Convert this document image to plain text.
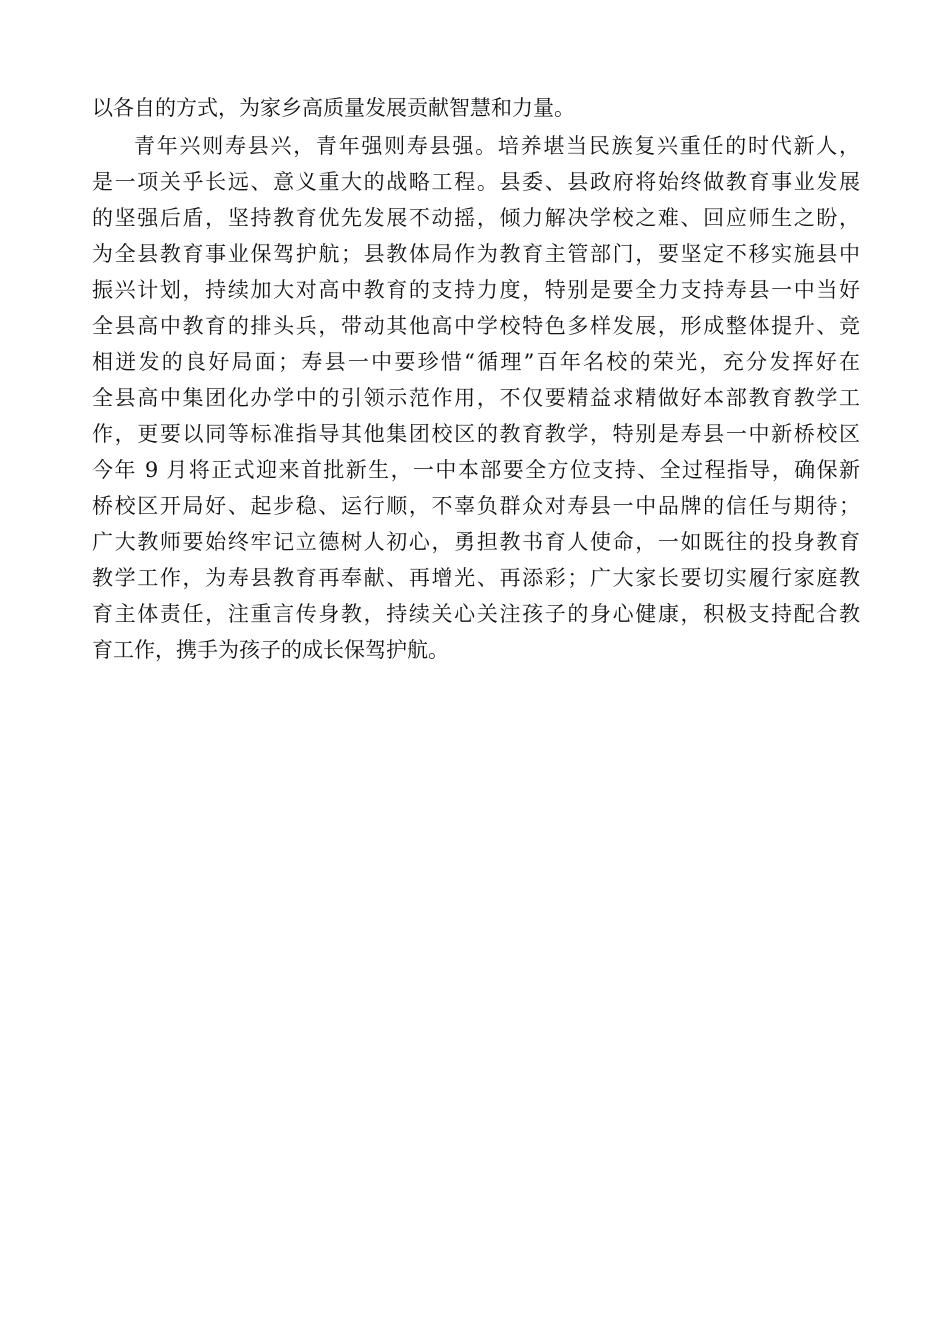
以各自的方式，为家乡高质量发展贡献智慧和力量。
青年兴则寿县兴，青年强则寿县强。培养堪当民族复兴重任的时代新人，
是一项关乎长远、意义重大的战略工程。县委、县政府将始终做教育事业发展
的坚强后盾，坚持教育优先发展不动摇，倾力解决学校之难、回应师生之盼，
为全县教育事业保驾护航；县教体局作为教育主管部门，要坚定不移实施县中
振兴计划，持续加大对高中教育的支持力度，特别是要全力支持寿县一中当好
全县高中教育的排头兵，带动其他高中学校特色多样发展，形成整体提升、竞
相迸发的良好局面；寿县一中要珍惜“循理”百年名校的荣光，充分发挥好在
全县高中集团化办学中的引领示范作用，不仅要精益求精做好本部教育教学工
作，更要以同等标准指导其他集团校区的教育教学，特别是寿县一中新桥校区
今年 9 月将正式迎来首批新生，一中本部要全方位支持、全过程指导，确保新
桥校区开局好、起步稳、运行顺，不辜负群众对寿县一中品牌的信任与期待；
广大教师要始终牢记立德树人初心，勇担教书育人使命，一如既往的投身教育
教学工作，为寿县教育再奉献、再增光、再添彩；广大家长要切实履行家庭教
育主体责任，注重言传身教，持续关心关注孩子的身心健康，积极支持配合教
育工作，携手为孩子的成长保驾护航。
